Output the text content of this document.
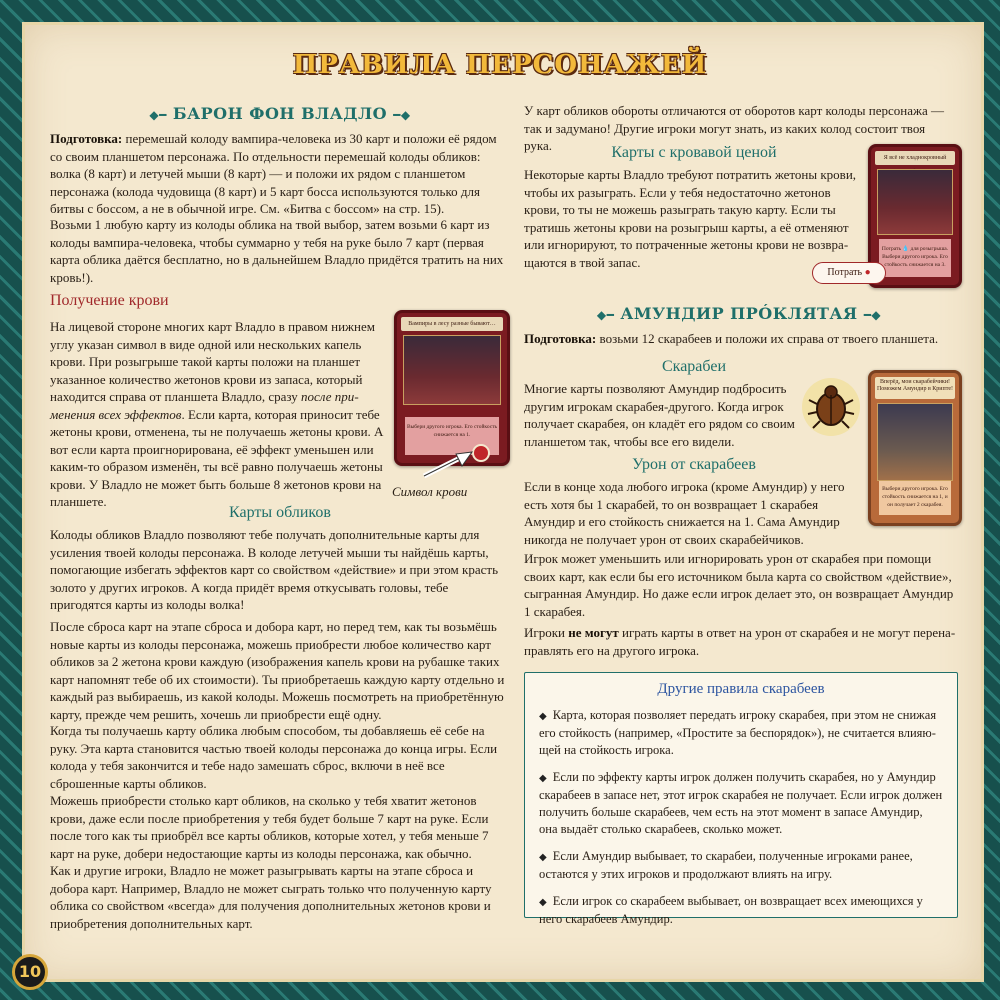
ПРАВИЛА ПЕРСОНАЖЕЙ
◆━ БАРОН ФОН ВЛАДЛО ━◆

Подготовка: перемешай колоду вампира-человека из 30 карт и положи её рядом со своим планшетом персонажа. По отдельности перемешай колоды обликов: волка (8 карт) и летучей мыши (8 карт) — и положи их рядом с планшетом персонажа (колода чудовища (8 карт) и 5 карт босса используются только для битвы с боссом, а не в обычной игре. См. «Битва с боссом» на стр. 15).

Возьми 1 любую карту из колоды облика на твой выбор, затем возьми 6 карт из колоды вампира-человека, чтобы суммарно у тебя на руке было 7 карт (первая карта облика даётся бесплатно, но в дальнейшем Владло придётся тратить на них кровь!).

Получение крови

На лицевой стороне многих карт Владло в правом нижнем углу указан символ в виде одной или нескольких капель крови. При розыгрыше такой карты положи на планшет указанное количество жетонов крови из запаса, который находится справа от планшета Владло, сразу после применения всех эффектов. Если карта, которая приносит тебе жетоны крови, отменена, ты не получаешь жетоны крови. А вот если карта проигнорирована, её эффект уменьшен или каким-то образом изменён, ты всё равно получаешь жетоны крови. У Владло не может быть больше 8 жетонов крови на планшете.

Вампиры в лесу разные бывают…
Выбери другого игрока. Его стойкость снижается на 1.
Символ крови
Карты обликов

Колоды обликов Владло позволяют тебе получать дополнительные карты для усиления твоей колоды персонажа. В колоде летучей мыши ты найдёшь карты, помогающие избегать эффектов карт со свойством «действие» и при этом красть золото у других игроков. А когда придёт время откусывать головы, тебе пригодятся карты из колоды волка!

После сброса карт на этапе сброса и добора карт, но перед тем, как ты возьмёшь новые карты из колоды персонажа, можешь приобрести любое количество карт обликов за 2 жетона крови каждую (изображения капель крови на рубашке таких карт напомнят тебе об их стоимости). Ты приобретаешь каждую карту отдельно и каждый раз выбираешь, из какой колоды. Можешь посмотреть на приобретённую карту, прежде чем решить, хочешь ли приобрести ещё одну.

Когда ты получаешь карту облика любым способом, ты добавляешь её себе на руку. Эта карта становится частью твоей колоды персонажа до конца игры. Если колода у тебя закончится и тебе надо замешать сброс, включи в неё все сброшенные карты обликов.

Можешь приобрести столько карт обликов, на сколько у тебя хватит жетонов крови, даже если после приобретения у тебя будет больше 7 карт на руке. Если после того как ты приобрёл все карты обликов, которые хотел, у тебя меньше 7 карт на руке, добери недостающие карты из колоды персонажа, как обычно.

Как и другие игроки, Владло не может разыгрывать карты на этапе сброса и добора карт. Например, Владло не может сыграть только что полученную карту облика со свойством «всегда» для получения дополнительных жетонов крови и приобретения дополнительных карт.

У карт обликов обороты отличаются от оборотов карт колоды персонажа — так и задумано! Другие игроки могут знать, из каких колод состоит твоя рука.	Карты с кровавой ценой

Некоторые карты Владло требуют потратить жетоны крови, чтобы их разыграть. Если у тебя недостаточно жетонов крови, то ты не можешь разыграть такую карту. Если ты тратишь жетоны крови на розыгрыш карты, а её отменяют или игнорируют, то потраченные жетоны крови не возвращаются в твой запас.

Я всё не хладнокровный
Потрать 💧 для розыгрыша. Выбери другого игрока. Его стойкость снижается на 3.
Потрать ●
◆━ АМУНДИР ПРÓКЛЯТАЯ ━◆

Подготовка: возьми 12 скарабеев и положи их справа от твоего планшета.

Скарабеи

Многие карты позволяют Амундир подбросить другим игрокам скарабея-другого. Когда игрок получает скарабея, он кладёт его рядом со своим планшетом так, чтобы все его видели.

Вперёд, мои скарабейчики! Поможем Амундир в Крипте!
Выбери другого игрока. Его стойкость снижается на 1, и он получает 2 скарабея.
Урон от скарабеев

Если в конце хода любого игрока (кроме Амундир) у него есть хотя бы 1 скарабей, то он возвращает 1 скарабея Амундир и его стойкость снижается на 1. Сама Амундир никогда не получает урон от своих скарабейчиков.

Игрок может уменьшить или игнорировать урон от скарабея при помощи своих карт, как если бы его источником была карта со свойством «действие», сыгранная Амундир. Но даже если игрок делает это, он возвращает Амундир 1 скарабея.

Игроки не могут играть карты в ответ на урон от скарабея и не могут перенаправлять его на другого игрока.

Другие правила скарабеев
◆ Карта, которая позволяет передать игроку скарабея, при этом не снижая его стойкость (например, «Простите за беспорядок»), не считается влияющей на стойкость игрока.
◆ Если по эффекту карты игрок должен получить скарабея, но у Амундир скарабеев в запасе нет, этот игрок скарабея не получает. Если игрок должен получить больше скарабеев, чем есть на этот момент в запасе Амундир, она выдаёт столько скарабеев, сколько может.
◆ Если Амундир выбывает, то скарабеи, полученные игроками ранее, остаются у этих игроков и продолжают влиять на игру.
◆ Если игрок со скарабеем выбывает, он возвращает всех имеющихся у него скарабеев Амундир.
10
